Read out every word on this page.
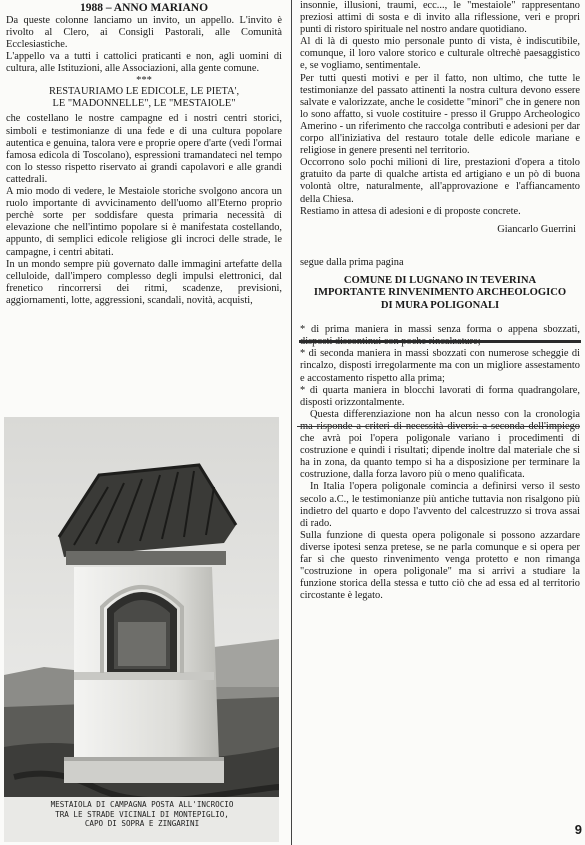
1988 – ANNO MARIANO

Da queste colonne lanciamo un invito, un appello. L'invito è rivolto al Clero, ai Consigli Pastorali, alle Comunità Ecclesiastiche.

L'appello va a tutti i cattolici praticanti e non, agli uomini di cultura, alle Istituzioni, alle Associazioni, alla gente comune.

***
RESTAURIAMO LE EDICOLE, LE PIETA',
LE "MADONNELLE", LE "MESTAIOLE"

che costellano le nostre campagne ed i nostri centri storici, simboli e testimonianze di una fede e di una cultura popolare autentica e genuina, talora vere e proprie opere d'arte (vedi l'ormai famosa edicola di Toscolano), espressioni tramandateci nel tempo con lo stesso rispetto riservato ai grandi capolavori e alle grandi cattedrali.

A mio modo di vedere, le Mestaiole storiche svolgono ancora un ruolo importante di avvicinamento dell'uomo all'Eterno proprio perchè sorte per soddisfare questa primaria necessità di elevazione che nell'intimo popolare si è manifestata costellando, appunto, di semplici edicole religiose gli incroci delle strade, le campagne, i centri abitati.

In un mondo sempre più governato dalle immagini artefatte della celluloide, dall'impero complesso degli impulsi elettronici, dal frenetico rincorrersi dei ritmi, scadenze, previsioni, aggiornamenti, lotte, aggressioni, scandali, novità, acquisti,

MESTAIOLA DI CAMPAGNA POSTA ALL'INCROCIO
TRA LE STRADE VICINALI DI MONTEPIGLIO,
CAPO DI SOPRA E ZINGARINI

insonnie, illusioni, traumi, ecc..., le "mestaiole" rappresentano preziosi attimi di sosta e di invito alla riflessione, veri e propri punti di ristoro spirituale nel nostro andare quotidiano.

Al di là di questo mio personale punto di vista, è indiscutibile, comunque, il loro valore storico e culturale oltrechè paesaggistico e, se vogliamo, sentimentale.

Per tutti questi motivi e per il fatto, non ultimo, che tutte le testimonianze del passato attinenti la nostra cultura devono essere salvate e valorizzate, anche le cosidette "minori" che in genere non lo sono affatto, si vuole costituire - presso il Gruppo Archeologico Amerino - un riferimento che raccolga contributi e adesioni per dar corpo all'iniziativa del restauro totale delle edicole mariane e religiose in genere presenti nel territorio.

Occorrono solo pochi milioni di lire, prestazioni d'opera a titolo gratuito da parte di qualche artista ed artigiano e un pò di buona volontà oltre, naturalmente, all'approvazione e l'affiancamento della Chiesa.

Restiamo in attesa di adesioni e di proposte concrete.

Giancarlo Guerrini
segue dalla prima pagina
COMUNE DI LUGNANO IN TEVERINA
IMPORTANTE RINVENIMENTO ARCHEOLOGICO
DI MURA POLIGONALI

* di prima maniera in massi senza forma o appena sbozzati,

* di seconda maniera in massi sbozzati con numerose scheggie di rincalzo, disposti irregolarmente ma con un migliore assestamento e accostamento rispetto alla prima;

* di quarta maniera in blocchi lavorati di forma quadrangolare, disposti orizzontalmente.

Questa differenziazione non ha alcun nesso con la cronologia che avrà poi l'opera poligonale variano i procedimenti di costruzione e quindi i risultati; dipende inoltre dal materiale che si ha in zona, da quanto tempo si ha a disposizione per terminare la costruzione, dalla forza lavoro più o meno qualificata.

In Italia l'opera poligonale comincia a definirsi verso il sesto secolo a.C., le testimonianze più antiche tuttavia non risalgono più indietro del quarto e dopo l'avvento del calcestruzzo si trova assai di rado.

Sulla funzione di questa opera poligonale si possono azzardare diverse ipotesi senza pretese, se ne parla comunque e si opera per far sì che questo rinvenimento venga protetto e non rimanga "costruzione in opera poligonale" ma si arrivi a studiare la funzione storica della stessa e tutto ciò che ad essa ed al territorio circostante è legato.

9
